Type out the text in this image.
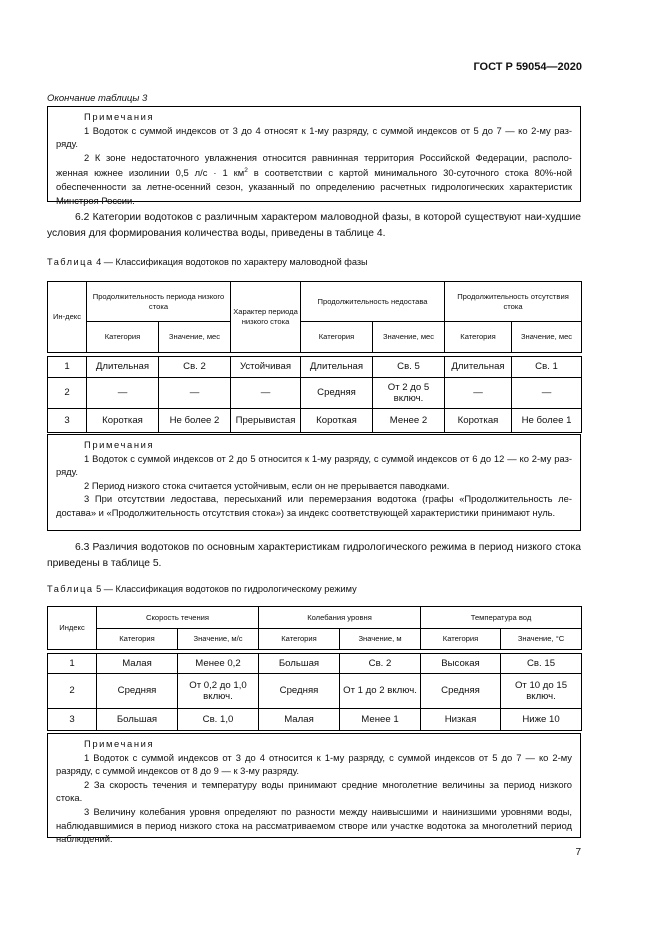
ГОСТ Р 59054—2020
Окончание таблицы 3

Примечания

1 Водоток с суммой индексов от 3 до 4 относят к 1-му разряду, с суммой индексов от 5 до 7 — ко 2-му раз-ряду.

2 К зоне недостаточного увлажнения относится равнинная территория Российской Федерации, располо-женная южнее изолинии 0,5 л/с · 1 $км^2$ в соответствии с картой минимального 30-суточного стока 80%-ной обеспеченности за летне-осенний сезон, указанный по определению расчетных гидрологических характеристик Минстроя России.

6.2 Категории водотоков с различным характером маловодной фазы, в которой существуют наи-худшие условия для формирования количества воды, приведены в таблице 4.

Таблица 4 — Классификация водотоков по характеру маловодной фазы
Ин-декс	Продолжительность периода низкого стока		Характер периода низкого стока	Продолжительность недостава		Продолжительность отсутствия стока	
	Категория	Значение, мес		Категория	Значение, мес	Категория	Значение, мес

1	Длительная	Св. 2	Устойчивая	Длительная	Св. 5	Длительная	Св. 1
2	—	—	—	Средняя	От 2 до 5 включ.	—	—
3	Короткая	Не более 2	Прерывистая	Короткая	Менее 2	Короткая	Не более 1

Примечания

1 Водоток с суммой индексов от 2 до 5 относится к 1-му разряду, с суммой индексов от 6 до 12 — ко 2-му раз-ряду.

2 Период низкого стока считается устойчивым, если он не прерывается паводками.

3 При отсутствии ледостава, пересыханий или перемерзания водотока (графы «Продолжительность ле-достава» и «Продолжительность отсутствия стока») за индекс соответствующей характеристики принимают нуль.

6.3 Различия водотоков по основным характеристикам гидрологического режима в период низкого стока приведены в таблице 5.

Таблица 5 — Классификация водотоков по гидрологическому режиму
Индекс	Скорость течения		Колебания уровня		Температура вод	
	Категория	Значение, м/с	Категория	Значение, м	Категория	Значение, °С

1	Малая	Менее 0,2	Большая	Св. 2	Высокая	Св. 15
2	Средняя	От 0,2 до 1,0 включ.	Средняя	От 1 до 2 включ.	Средняя	От 10 до 15 включ.
3	Большая	Св. 1,0	Малая	Менее 1	Низкая	Ниже 10

Примечания

1 Водоток с суммой индексов от 3 до 4 относится к 1-му разряду, с суммой индексов от 5 до 7 — ко 2-му разряду, с суммой индексов от 8 до 9 — к 3-му разряду.

2 За скорость течения и температуру воды принимают средние многолетние величины за период низкого стока.

3 Величину колебания уровня определяют по разности между наивысшими и наинизшими уровнями воды, наблюдавшимися в период низкого стока на рассматриваемом створе или участке водотока за многолетний период наблюдений.

7
